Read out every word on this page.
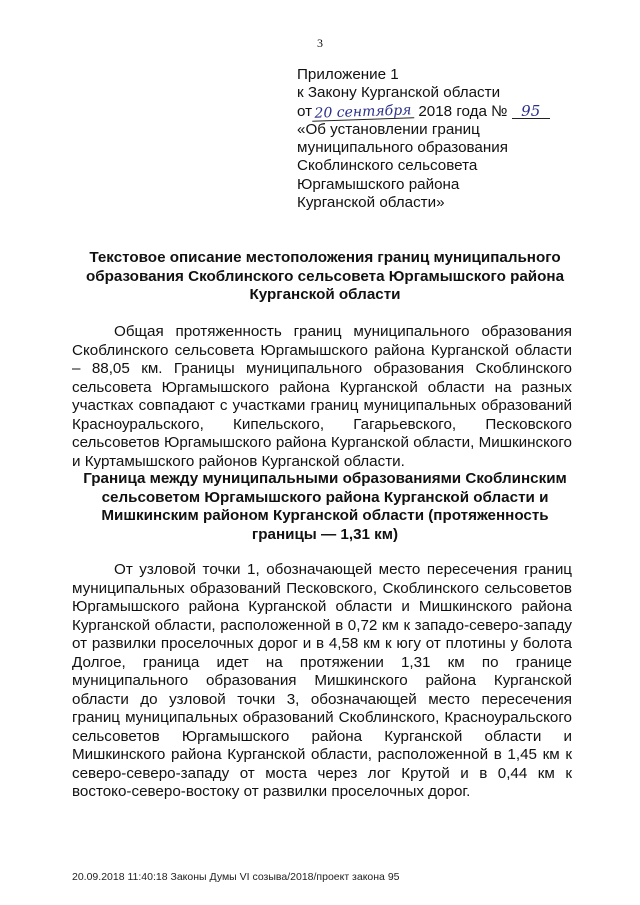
3
Приложение 1
к Закону Курганской области
от 20 сентября 2018 года № 95
«Об установлении границ
муниципального образования
Скоблинского сельсовета
Юргамышского района
Курганской области»
Текстовое описание местоположения границ муниципального образования Скоблинского сельсовета Юргамышского района Курганской области

Общая протяженность границ муниципального образования Скоблинского сельсовета Юргамышского района Курганской области – 88,05 км. Границы муниципального образования Скоблинского сельсовета Юргамышского района Курганской области на разных участках совпадают с участками границ муниципальных образований Красноуральского, Кипельского, Гагарьевского, Песковского сельсоветов Юргамышского района Курганской области, Мишкинского и Куртамышского районов Курганской области.

Граница между муниципальными образованиями Скоблинским сельсоветом Юргамышского района Курганской области и Мишкинским районом Курганской области (протяженность границы — 1,31 км)

От узловой точки 1, обозначающей место пересечения границ муниципальных образований Песковского, Скоблинского сельсоветов Юргамышского района Курганской области и Мишкинского района Курганской области, расположенной в 0,72 км к западо-северо-западу от развилки проселочных дорог и в 4,58 км к югу от плотины у болота Долгое, граница идет на протяжении 1,31 км по границе муниципального образования Мишкинского района Курганской области до узловой точки 3, обозначающей место пересечения границ муниципальных образований Скоблинского, Красноуральского сельсоветов Юргамышского района Курганской области и Мишкинского района Курганской области, расположенной в 1,45 км к северо-северо-западу от моста через лог Крутой и в 0,44 км к востоко-северо-востоку от развилки проселочных дорог.

20.09.2018 11:40:18 Законы Думы VI созыва/2018/проект закона 95
